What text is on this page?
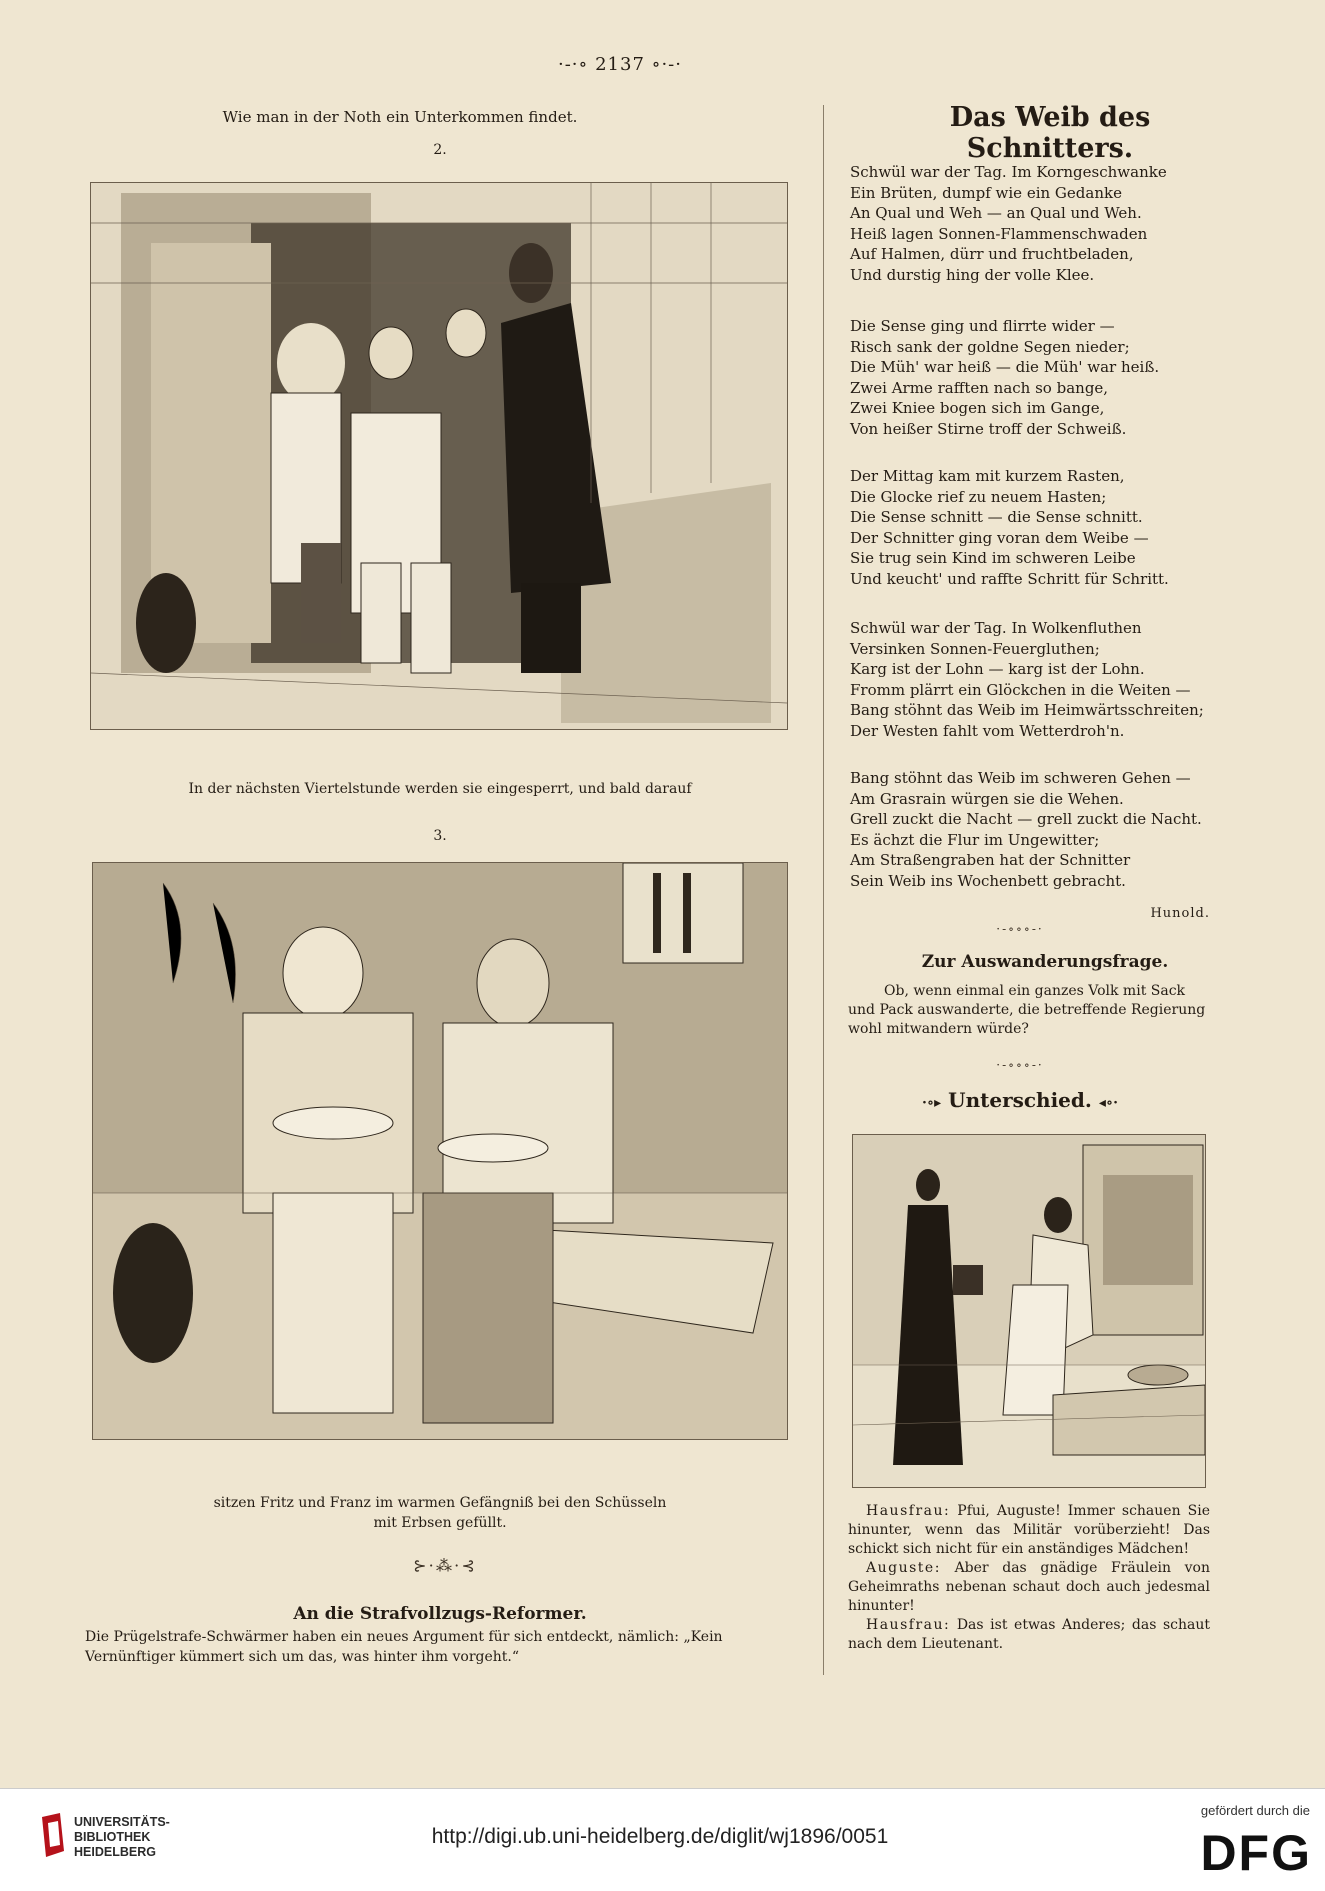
·-·∘ 2137 ∘·-·
Wie man in der Noth ein Unterkommen findet.
2.
In der nächsten Viertelstunde werden sie eingesperrt, und bald darauf
3.
sitzen Fritz und Franz im warmen Gefängniß bei den Schüsseln
mit Erbsen gefüllt.
⊱⋅⁂⋅⊰
An die Strafvollzugs-Reformer.
Die Prügelstrafe-Schwärmer haben ein neues Argument für sich entdeckt, nämlich: „Kein
Vernünftiger kümmert sich um das, was hinter ihm vorgeht.“
Das Weib des Schnitters.
Schwül war der Tag. Im Korngeschwanke
Ein Brüten, dumpf wie ein Gedanke
An Qual und Weh — an Qual und Weh.
Heiß lagen Sonnen-Flammenschwaden
Auf Halmen, dürr und fruchtbeladen,
Und durstig hing der volle Klee.
Die Sense ging und flirrte wider —
Risch sank der goldne Segen nieder;
Die Müh' war heiß — die Müh' war heiß.
Zwei Arme rafften nach so bange,
Zwei Kniee bogen sich im Gange,
Von heißer Stirne troff der Schweiß.
Der Mittag kam mit kurzem Rasten,
Die Glocke rief zu neuem Hasten;
Die Sense schnitt — die Sense schnitt.
Der Schnitter ging voran dem Weibe —
Sie trug sein Kind im schweren Leibe
Und keucht' und raffte Schritt für Schritt.
Schwül war der Tag. In Wolkenfluthen
Versinken Sonnen-Feuergluthen;
Karg ist der Lohn — karg ist der Lohn.
Fromm plärrt ein Glöckchen in die Weiten —
Bang stöhnt das Weib im Heimwärtsschreiten;
Der Westen fahlt vom Wetterdroh'n.
Bang stöhnt das Weib im schweren Gehen —
Am Grasrain würgen sie die Wehen.
Grell zuckt die Nacht — grell zuckt die Nacht.
Es ächzt die Flur im Ungewitter;
Am Straßengraben hat der Schnitter
Sein Weib ins Wochenbett gebracht.
Hunold.
·-∘∘∘-·
Zur Auswanderungsfrage.
Ob, wenn einmal ein ganzes Volk mit Sack
und Pack auswanderte, die betreffende Regierung
wohl mitwandern würde?
·-∘∘∘-·
·∘▸ Unterschied. ◂∘·
Hausfrau: Pfui, Auguste! Immer schauen Sie hinunter, wenn das Militär vorüberzieht! Das schickt sich nicht für ein anständiges Mädchen!
Auguste: Aber das gnädige Fräulein von Geheimraths nebenan schaut doch auch jedesmal hinunter!
Hausfrau: Das ist etwas Anderes; das schaut nach dem Lieutenant.
UNIVERSITÄTS-
BIBLIOTHEK
HEIDELBERG
http://digi.ub.uni-heidelberg.de/diglit/wj1896/0051
gefördert durch die
DFG
